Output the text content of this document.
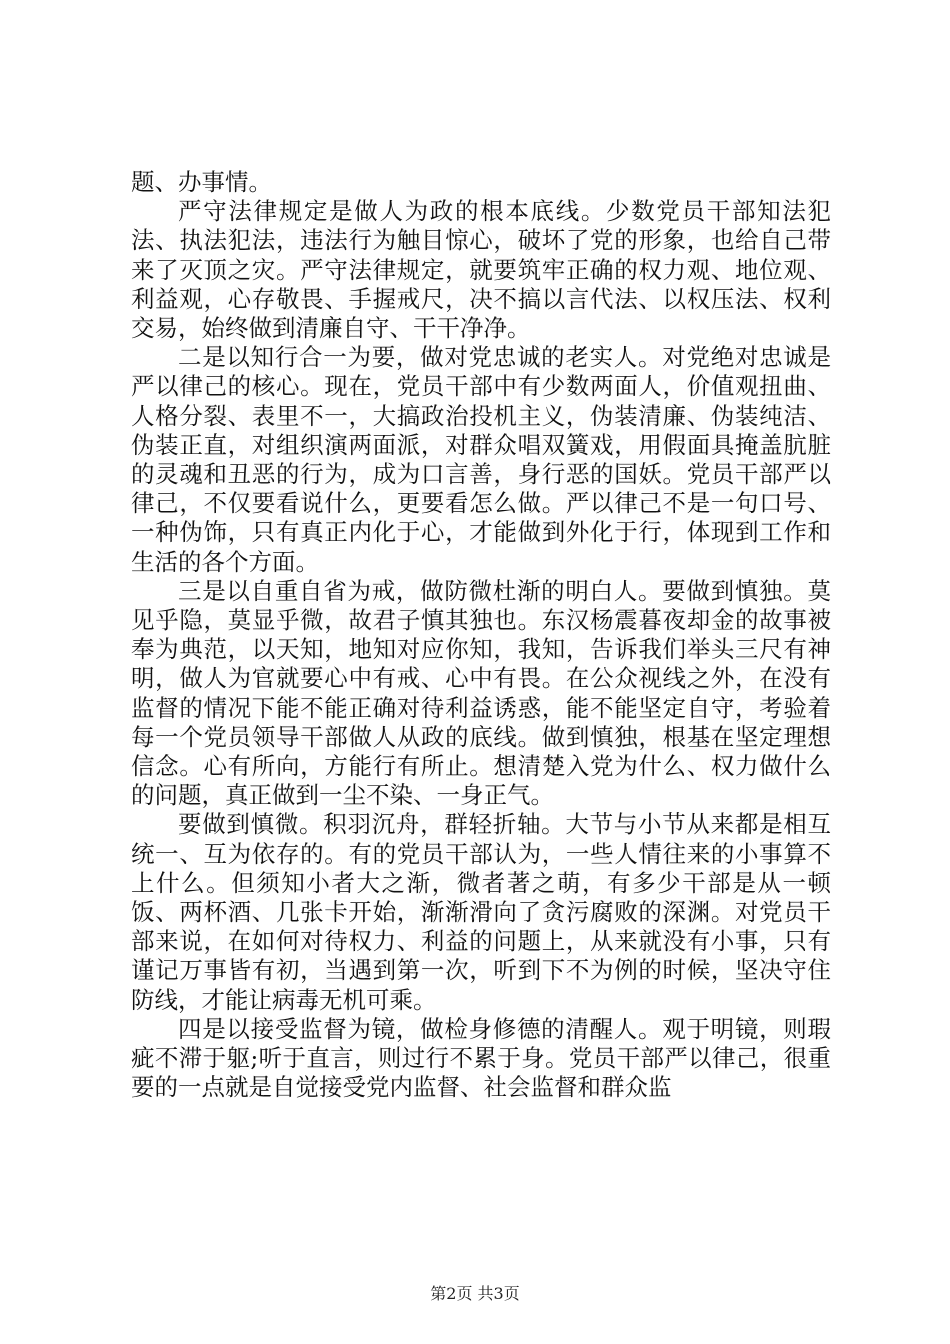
题、办事情。

严守法律规定是做人为政的根本底线。少数党员干部知法犯法、执法犯法，违法行为触目惊心，破坏了党的形象，也给自己带来了灭顶之灾。严守法律规定，就要筑牢正确的权力观、地位观、利益观，心存敬畏、手握戒尺，决不搞以言代法、以权压法、权利交易，始终做到清廉自守、干干净净。

二是以知行合一为要，做对党忠诚的老实人。对党绝对忠诚是严以律己的核心。现在，党员干部中有少数两面人，价值观扭曲、人格分裂、表里不一，大搞政治投机主义，伪装清廉、伪装纯洁、伪装正直，对组织演两面派，对群众唱双簧戏，用假面具掩盖肮脏的灵魂和丑恶的行为，成为口言善，身行恶的国妖。党员干部严以律己，不仅要看说什么，更要看怎么做。严以律己不是一句口号、一种伪饰，只有真正内化于心，才能做到外化于行，体现到工作和生活的各个方面。

三是以自重自省为戒，做防微杜渐的明白人。要做到慎独。莫见乎隐，莫显乎微，故君子慎其独也。东汉杨震暮夜却金的故事被奉为典范，以天知，地知对应你知，我知，告诉我们举头三尺有神明，做人为官就要心中有戒、心中有畏。在公众视线之外，在没有监督的情况下能不能正确对待利益诱惑，能不能坚定自守，考验着每一个党员领导干部做人从政的底线。做到慎独，根基在坚定理想信念。心有所向，方能行有所止。想清楚入党为什么、权力做什么的问题，真正做到一尘不染、一身正气。

要做到慎微。积羽沉舟，群轻折轴。大节与小节从来都是相互统一、互为依存的。有的党员干部认为，一些人情往来的小事算不上什么。但须知小者大之渐，微者著之萌，有多少干部是从一顿饭、两杯酒、几张卡开始，渐渐滑向了贪污腐败的深渊。对党员干部来说，在如何对待权力、利益的问题上，从来就没有小事，只有谨记万事皆有初，当遇到第一次，听到下不为例的时候，坚决守住防线，才能让病毒无机可乘。

四是以接受监督为镜，做检身修德的清醒人。观于明镜，则瑕疵不滞于躯;听于直言，则过行不累于身。党员干部严以律己，很重要的一点就是自觉接受党内监督、社会监督和群众监

第2页 共3页
